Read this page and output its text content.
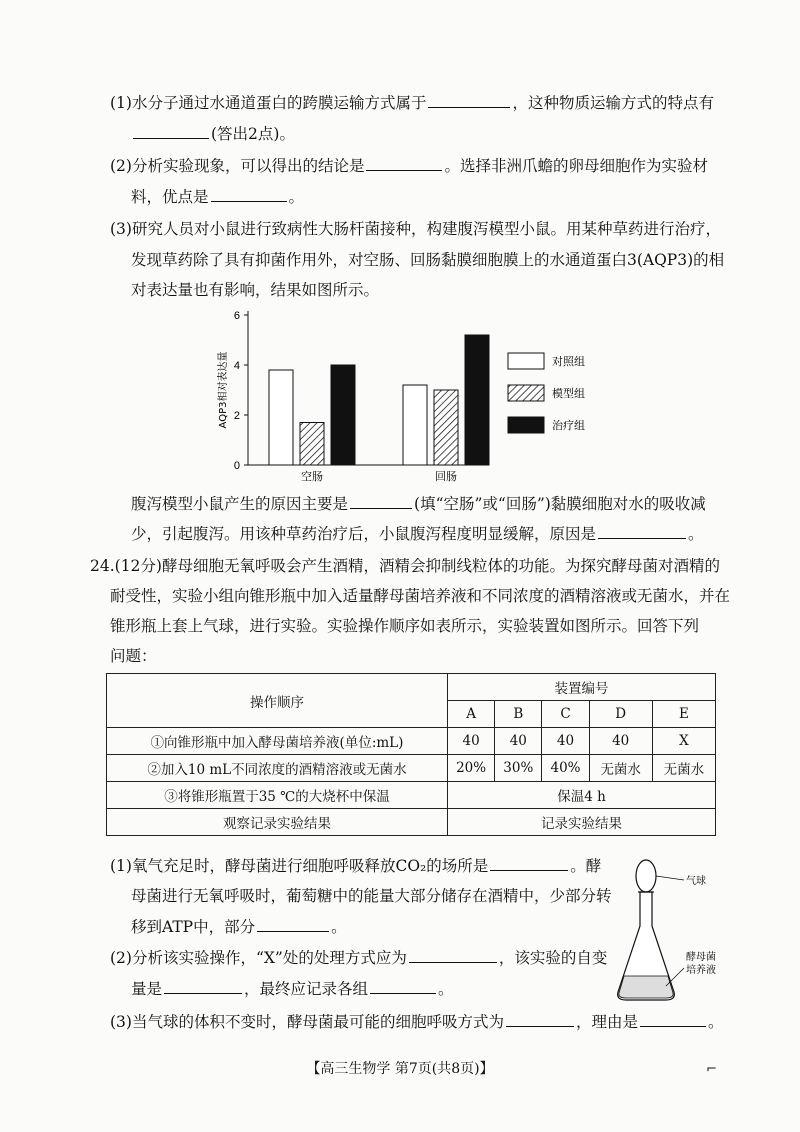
(1)水分子通过水通道蛋白的跨膜运输方式属于	，这种物质运输方式的特点有
(答出2点)。
(2)分析实验现象，可以得出的结论是	。选择非洲爪蟾的卵母细胞作为实验材
料，优点是	。
(3)研究人员对小鼠进行致病性大肠杆菌接种，构建腹泻模型小鼠。用某种草药进行治疗，
发现草药除了具有抑菌作用外，对空肠、回肠黏膜细胞膜上的水通道蛋白3(AQP3)的相
对表达量也有影响，结果如图所示。
0
2
4
6
AQP3相对表达量
空肠	回肠
对照组
模型组
治疗组
腹泻模型小鼠产生的原因主要是	(填“空肠”或“回肠”)黏膜细胞对水的吸收减
少，引起腹泻。用该种草药治疗后，小鼠腹泻程度明显缓解，原因是	。
24.(12分)酵母细胞无氧呼吸会产生酒精，酒精会抑制线粒体的功能。为探究酵母菌对酒精的
耐受性，实验小组向锥形瓶中加入适量酵母菌培养液和不同浓度的酒精溶液或无菌水，并在
锥形瓶上套上气球，进行实验。实验操作顺序如表所示，实验装置如图所示。回答下列
问题：
操作顺序	装置编号				
	A	B	C	D	E
①向锥形瓶中加入酵母菌培养液(单位:mL)	40	40	40	40	X
②加入10 mL不同浓度的酒精溶液或无菌水	20%	30%	40%	无菌水	无菌水
③将锥形瓶置于35 ℃的大烧杯中保温	保温4 h				
观察记录实验结果	记录实验结果				
(1)氧气充足时，酵母菌进行细胞呼吸释放CO₂的场所是	。酵
母菌进行无氧呼吸时，葡萄糖中的能量大部分储存在酒精中，少部分转
移到ATP中，部分	。
(2)分析该实验操作，“X”处的处理方式应为	，该实验的自变
量是	，最终应记录各组	。
(3)当气球的体积不变时，酵母菌最可能的细胞呼吸方式为	，理由是	。
气球
酵母菌
培养液
【高三生物学 第7页(共8页)】	⌐
